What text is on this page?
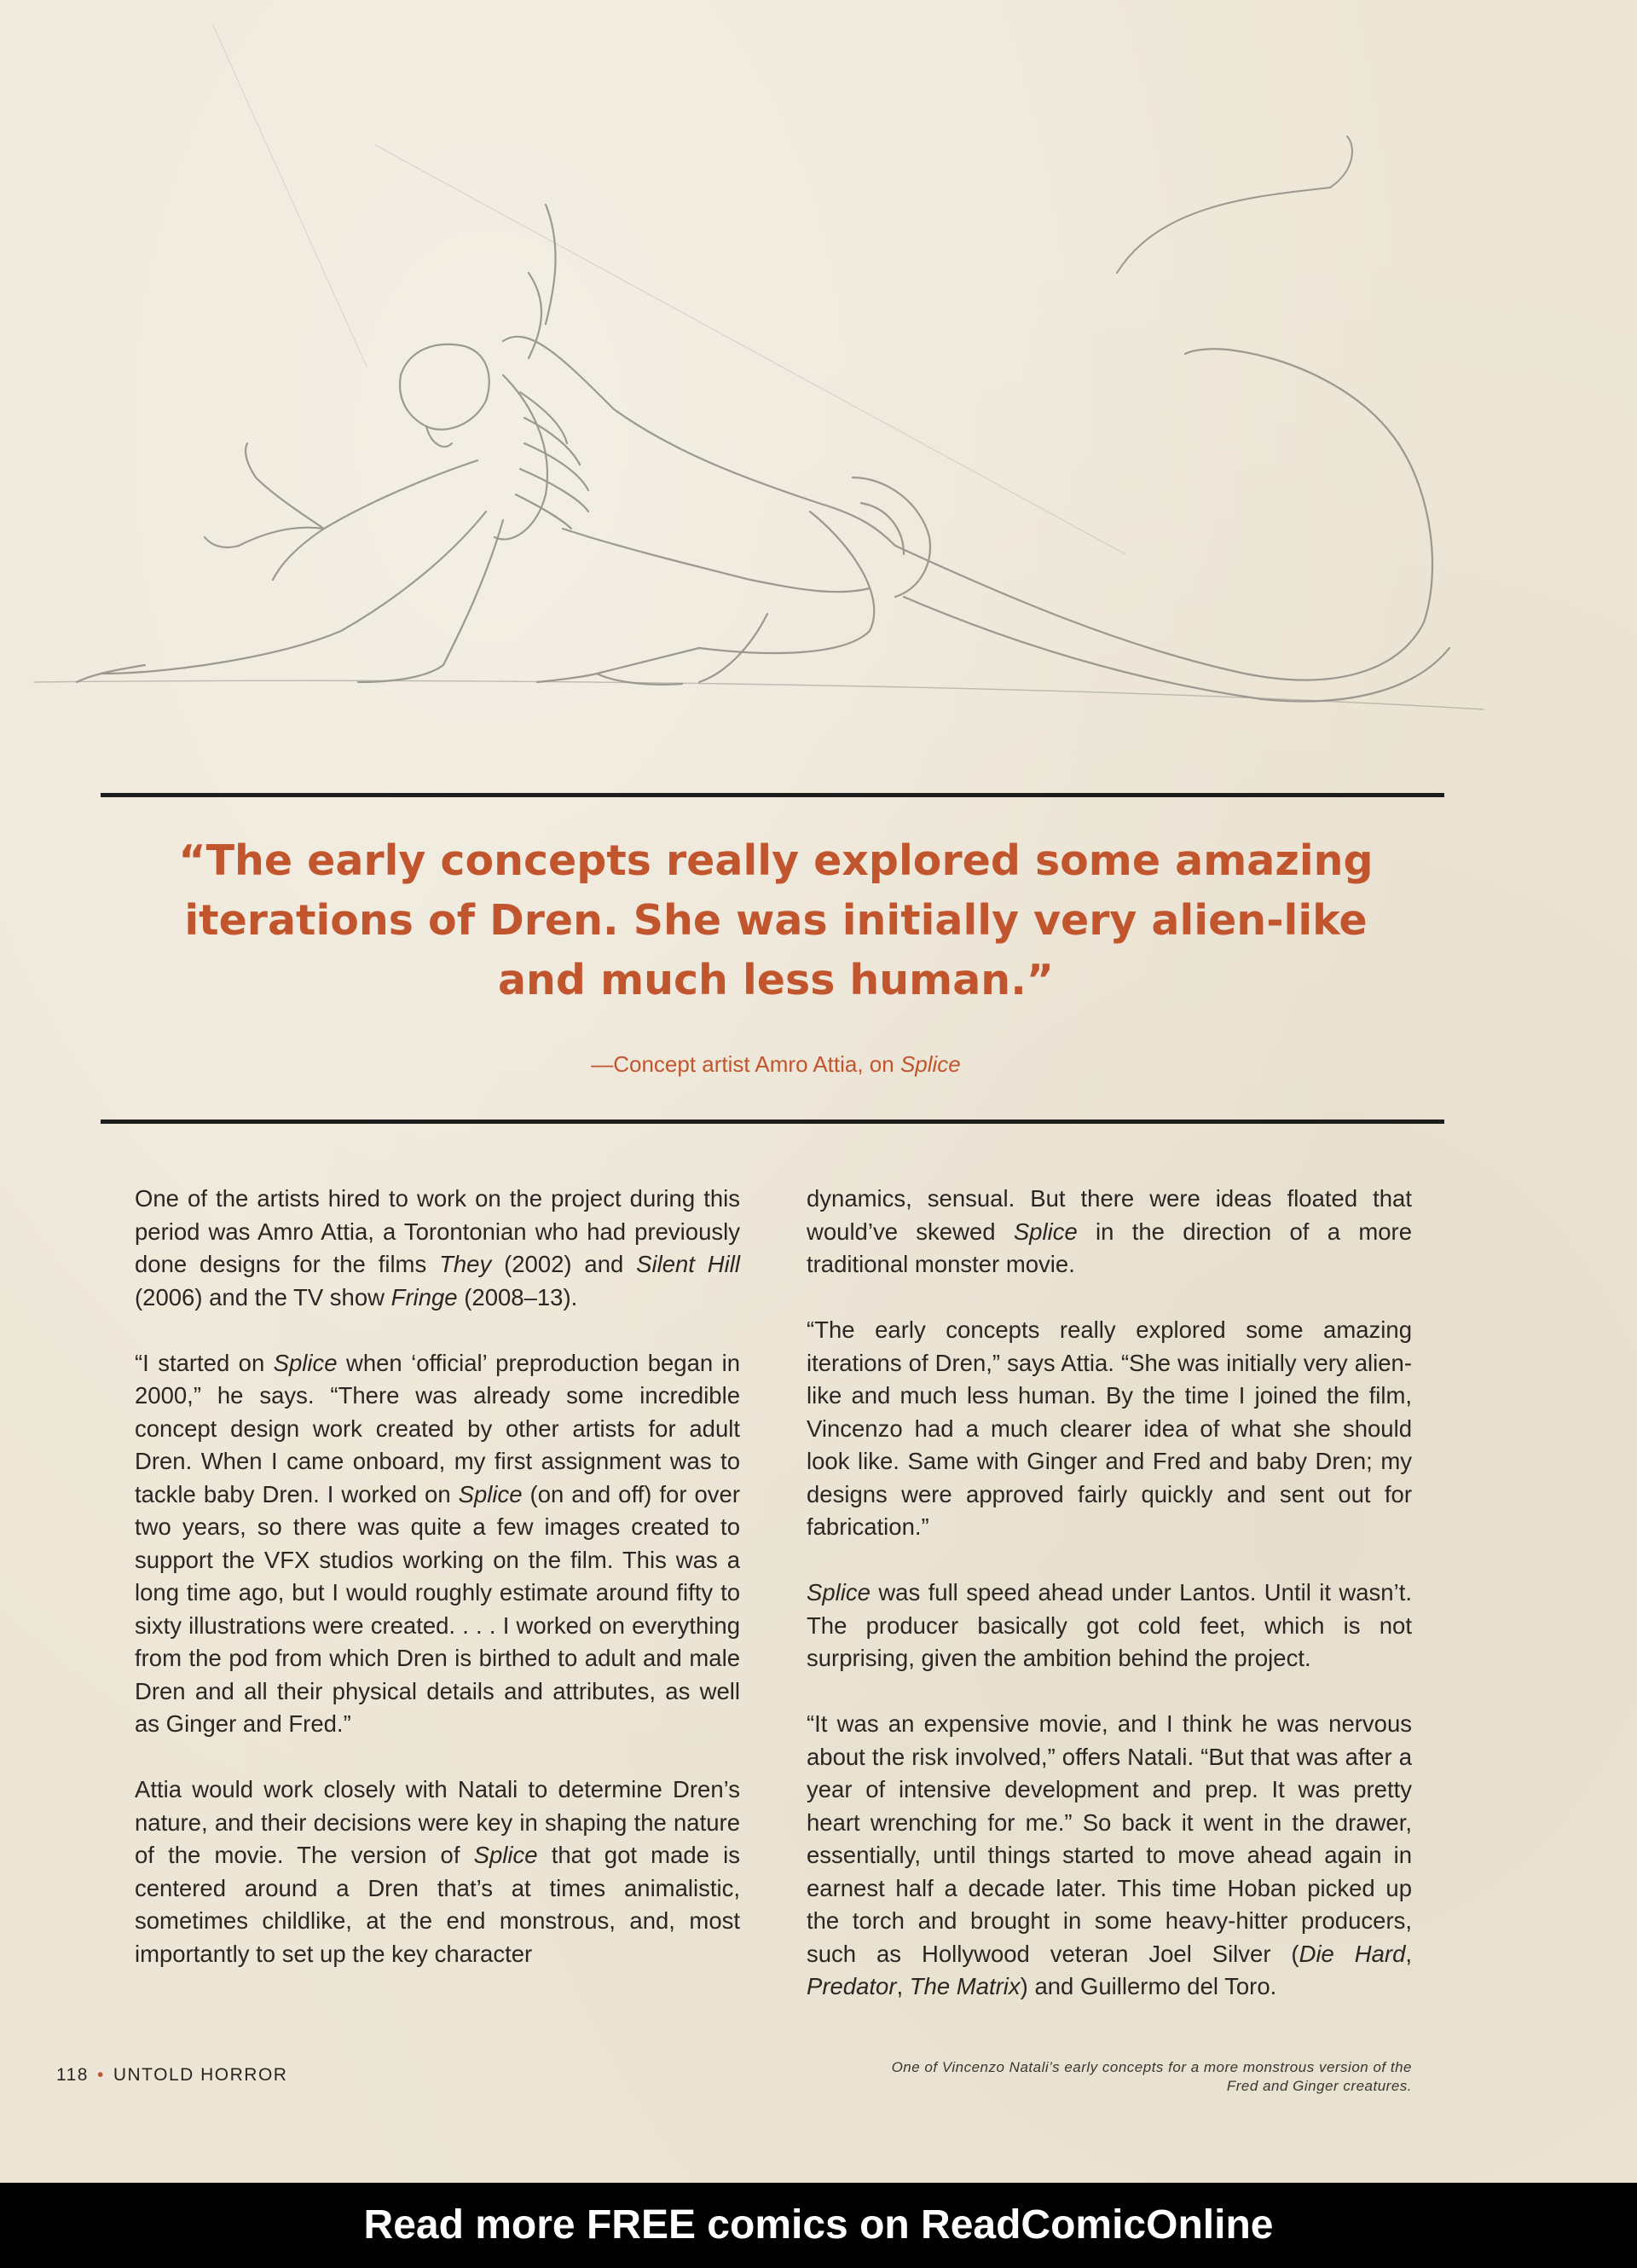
“The early concepts really explored some amazing iterations of Dren. She was initially very alien-like and much less human.”

—Concept artist Amro Attia, on Splice

One of the artists hired to work on the project during this period was Amro Attia, a Torontonian who had previously done designs for the films They (2002) and Silent Hill (2006) and the TV show Fringe (2008–13).

“I started on Splice when ‘official’ preproduction began in 2000,” he says. “There was already some incredible concept design work created by other artists for adult Dren. When I came onboard, my first assignment was to tackle baby Dren. I worked on Splice (on and off) for over two years, so there was quite a few images created to support the VFX studios working on the film. This was a long time ago, but I would roughly estimate around fifty to sixty illustrations were created. . . . I worked on everything from the pod from which Dren is birthed to adult and male Dren and all their physical details and attributes, as well as Ginger and Fred.”

Attia would work closely with Natali to determine Dren’s nature, and their decisions were key in shaping the nature of the movie. The version of Splice that got made is centered around a Dren that’s at times animalistic, sometimes childlike, at the end monstrous, and, most importantly to set up the key character

dynamics, sensual. But there were ideas floated that would’ve skewed Splice in the direction of a more traditional monster movie.

“The early concepts really explored some amazing iterations of Dren,” says Attia. “She was initially very alien-like and much less human. By the time I joined the film, Vincenzo had a much clearer idea of what she should look like. Same with Ginger and Fred and baby Dren; my designs were approved fairly quickly and sent out for fabrication.”

Splice was full speed ahead under Lantos. Until it wasn’t. The producer basically got cold feet, which is not surprising, given the ambition behind the project.

“It was an expensive movie, and I think he was nervous about the risk involved,” offers Natali. “But that was after a year of intensive development and prep. It was pretty heart wrenching for me.” So back it went in the drawer, essentially, until things started to move ahead again in earnest half a decade later. This time Hoban picked up the torch and brought in some heavy-hitter producers, such as Hollywood veteran Joel Silver (Die Hard, Predator, The Matrix) and Guillermo del Toro.

One of Vincenzo Natali’s early concepts for a more monstrous version of the
Fred and Ginger creatures.
118 • UNTOLD HORROR
Read more FREE comics on ReadComicOnline
